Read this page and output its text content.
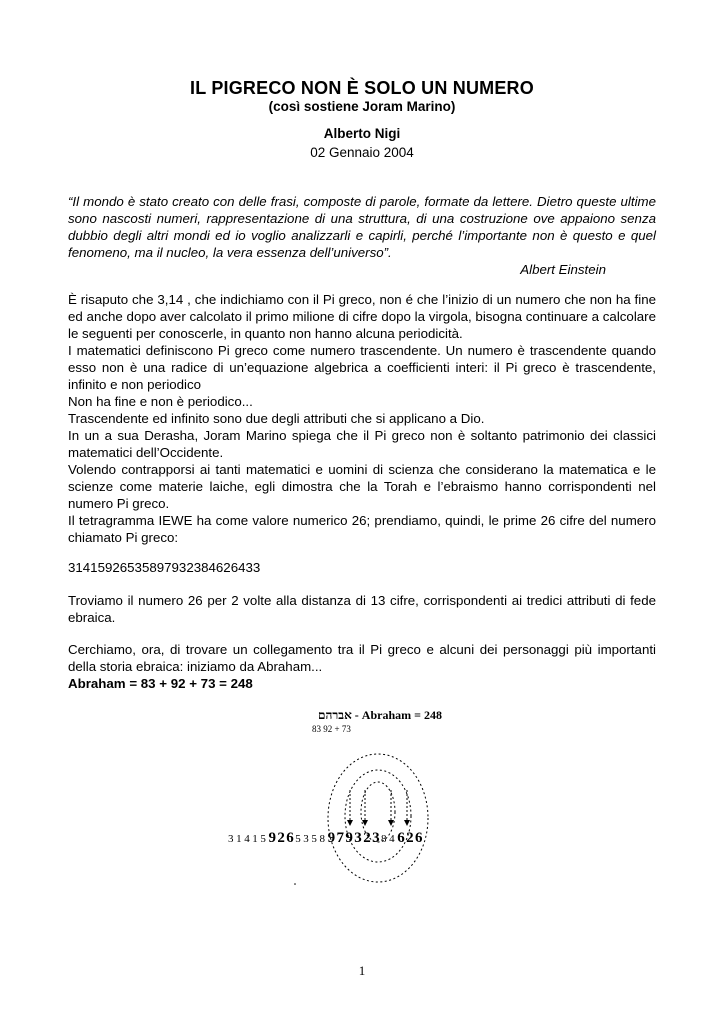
IL PIGRECO NON È SOLO UN NUMERO
(così sostiene Joram Marino)
Alberto Nigi
02 Gennaio 2004
“Il mondo è stato creato con delle frasi, composte di parole, formate da lettere. Dietro queste ultime sono nascosti numeri, rappresentazione di una struttura, di una costruzione ove appaiono senza dubbio degli altri mondi ed io voglio analizzarli e capirli, perché l’importante non è questo e quel fenomeno, ma il nucleo, la vera essenza dell’universo”.
Albert Einstein

È risaputo che 3,14 , che indichiamo con il Pi greco, non é che l’inizio di un numero che non ha fine ed anche dopo aver calcolato il primo milione di cifre dopo la virgola, bisogna continuare a calcolare le seguenti per conoscerle, in quanto non hanno alcuna periodicità.

I matematici definiscono Pi greco come numero trascendente. Un numero è trascendente quando esso non è una radice di un’equazione algebrica a coefficienti interi: il Pi greco è trascendente, infinito e non periodico

Non ha fine e non è periodico...

Trascendente ed infinito sono due degli attributi che si applicano a Dio.

In un a sua Derasha, Joram Marino spiega che il Pi greco non è soltanto patrimonio dei classici matematici dell’Occidente.

Volendo contrapporsi ai tanti matematici e uomini di scienza che considerano la matematica e le scienze come materie laiche, egli dimostra che la Torah e l’ebraismo hanno corrispondenti nel numero Pi greco.

Il tetragramma IEWE ha come valore numerico 26; prendiamo, quindi, le prime 26 cifre del numero chiamato Pi greco:

31415926535897932384626433

Troviamo il numero 26 per 2 volte alla distanza di 13 cifre, corrispondenti ai tredici attributi di fede ebraica.

Cerchiamo, ora, di trovare un collegamento tra il Pi greco e alcuni dei personaggi più importanti della storia ebraica: iniziamo da Abraham...

Abraham = 83 + 92 + 73 = 248

אברהם - Abraham = 248
83 92 + 73
31415926535897932384626
1
